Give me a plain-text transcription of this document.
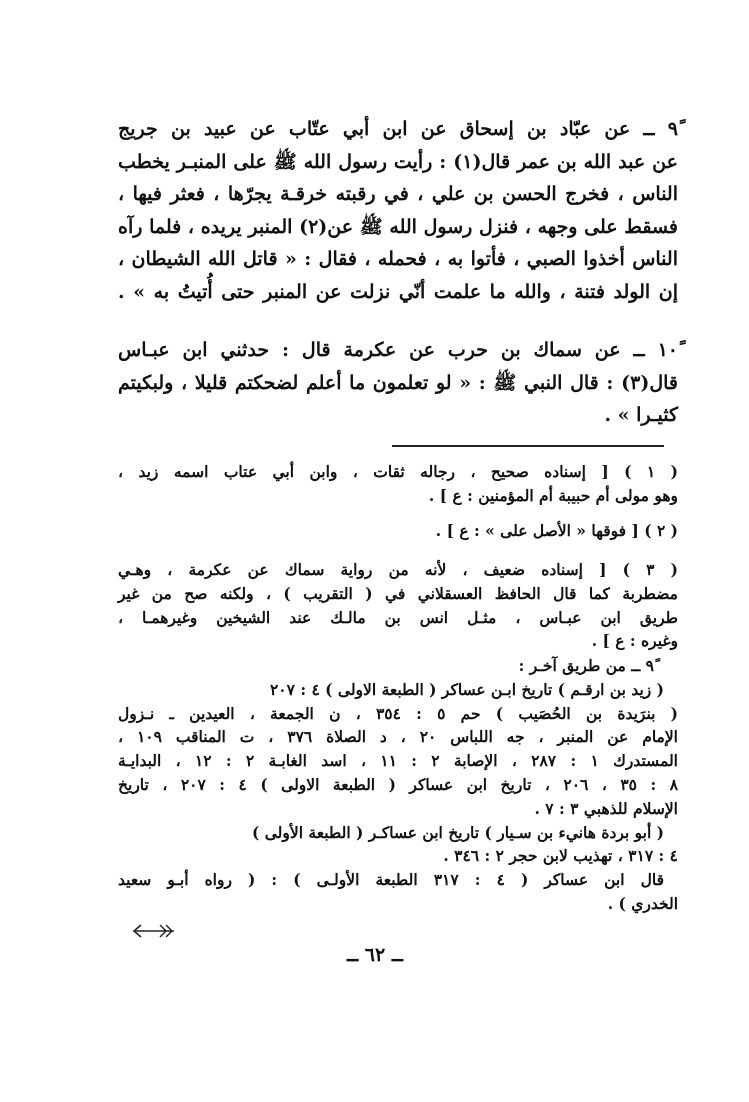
٩ً ــ عن عبّاد بن إسحاق عن ابن أبي عتّاب عن عبيد بن جريج
عن عبد الله بن عمر قال(١) : رأيت رسول الله ﷺ على المنبـر يخطب
الناس ، فخرج الحسن بن علي ، في رقبته خرقـة يجرّها ، فعثر فيها ،
فسقط على وجهه ، فنزل رسول الله ﷺ عن(٢) المنبر يريده ، فلما رآه
الناس أخذوا الصبي ، فأتوا به ، فحمله ، فقال : « قاتل الله الشيطان ،
إن الولد فتنة ، والله ما علمت أنّي نزلت عن المنبر حتى أُتيتُ به » .
١٠ً ــ عن سماك بن حرب عن عكرمة قال : حدثني ابن عبـاس
قال(٣) : قال النبي ﷺ : « لو تعلمون ما أعلم لضحكتم قليلا ، ولبكيتم
كثيـرا » .
( ١ ) [ إسناده صحيح ، رجاله ثقات ، وابن أبي عتاب اسمه زيد ،
وهو مولى أم حبيبة أم المؤمنين : ع ] .
( ٢ ) [ فوقها « الأصل على » : ع ] .
( ٣ ) [ إسناده ضعيف ، لأنه من رواية سماك عن عكرمة ، وهـي
مضطربة كما قال الحافظ العسقلاني في ( التقريب ) ، ولكنه صح من غير
طريق ابن عبـاس ، مثـل انس بن مالـك عند الشيخين وغيرهمـا ،
وغيره : ع ] .
٩ً ــ من طريق آخـر :
( زيد بن ارقـم ) تاريخ ابـن عساكر ( الطبعة الاولى ) ٤ : ٢٠٧
( بنرَيدة بن الحُصَيب ) حم ٥ : ٣٥٤ ، ن الجمعة ، العيدين ـ نـزول
الإمام عن المنبر ، جه اللباس ٢٠ ، د الصلاة ٣٧٦ ، ت المناقب ١٠٩ ،
المستدرك ١ : ٢٨٧ ، الإصابة ٢ : ١١ ، اسد الغابـة ٢ : ١٢ ، البدايـة
٨ : ٣٥ ، ٢٠٦ ، تاريخ ابن عساكر ( الطبعة الاولى ) ٤ : ٢٠٧ ، تاريخ
الإسلام للذهبي ٣ : ٧ .
( أبو بردة هانيء بن سـيار ) تاريخ ابن عساكـر ( الطبعة الأولى )
٤ : ٣١٧ ، تهذيب لابن حجر ٢ : ٣٤٦ .
قال ابن عساكر ( ٤ : ٣١٧ الطبعة الأولـى ) : ( رواه أبـو سعيد
الخدري ) .
ــ ٦٢ ــ
